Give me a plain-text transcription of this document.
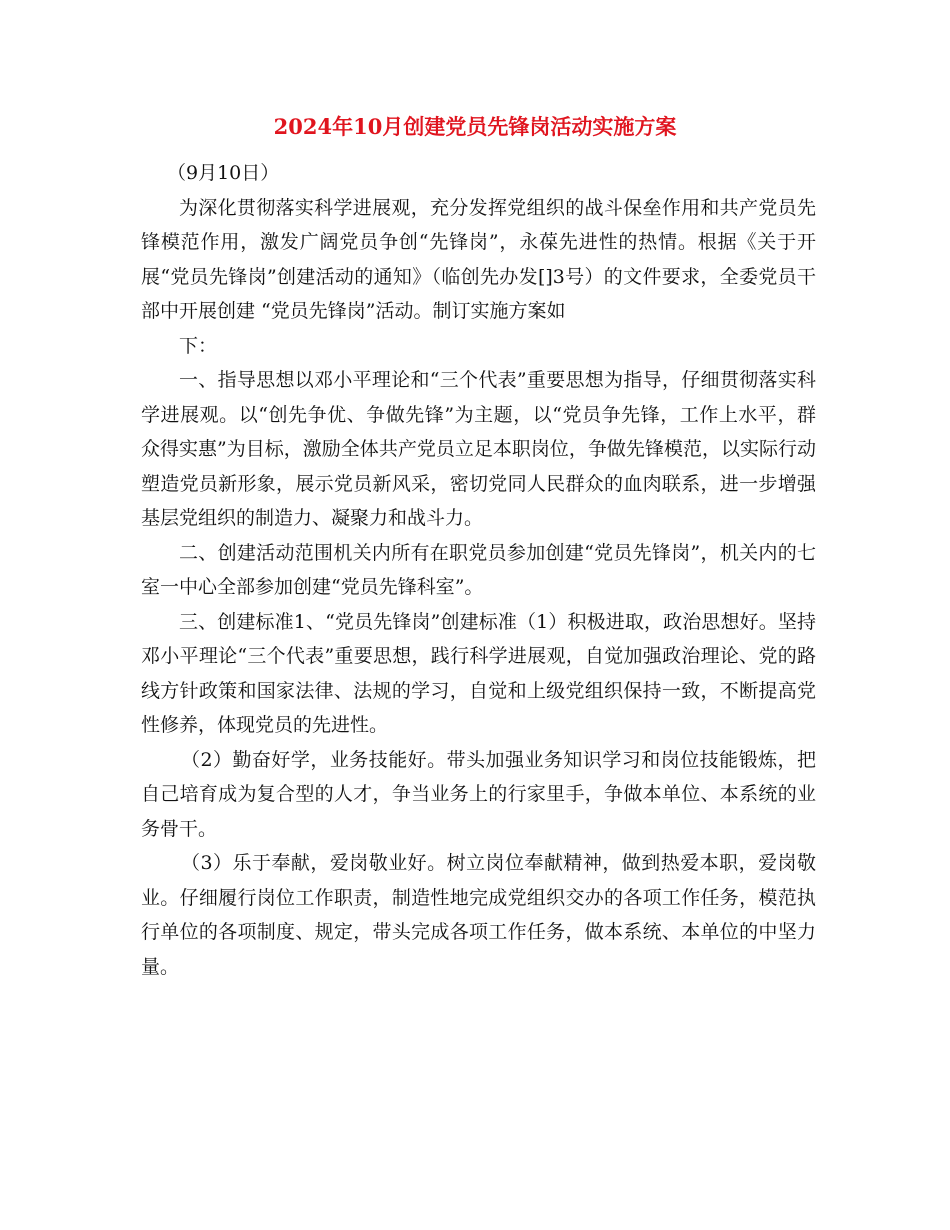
2024年10月创建党员先锋岗活动实施方案

（9月10日）

为深化贯彻落实科学进展观，充分发挥党组织的战斗保垒作用和共产党员先锋模范作用，激发广阔党员争创“先锋岗”，永葆先进性的热情。根据《关于开展“党员先锋岗”创建活动的通知》（临创先办发[]3号）的文件要求，全委党员干部中开展创建 “党员先锋岗”活动。制订实施方案如

下：

一、指导思想以邓小平理论和“三个代表”重要思想为指导，仔细贯彻落实科学进展观。以“创先争优、争做先锋”为主题，以“党员争先锋，工作上水平，群众得实惠”为目标，激励全体共产党员立足本职岗位，争做先锋模范，以实际行动塑造党员新形象，展示党员新风采，密切党同人民群众的血肉联系，进一步增强基层党组织的制造力、凝聚力和战斗力。

二、创建活动范围机关内所有在职党员参加创建“党员先锋岗”，机关内的七室一中心全部参加创建“党员先锋科室”。

三、创建标准1、“党员先锋岗”创建标准（1）积极进取，政治思想好。坚持邓小平理论“三个代表”重要思想，践行科学进展观，自觉加强政治理论、党的路线方针政策和国家法律、法规的学习，自觉和上级党组织保持一致，不断提高党性修养，体现党员的先进性。

（2）勤奋好学，业务技能好。带头加强业务知识学习和岗位技能锻炼，把自己培育成为复合型的人才，争当业务上的行家里手，争做本单位、本系统的业务骨干。

（3）乐于奉献，爱岗敬业好。树立岗位奉献精神，做到热爱本职，爱岗敬业。仔细履行岗位工作职责，制造性地完成党组织交办的各项工作任务，模范执行单位的各项制度、规定，带头完成各项工作任务，做本系统、本单位的中坚力量。
